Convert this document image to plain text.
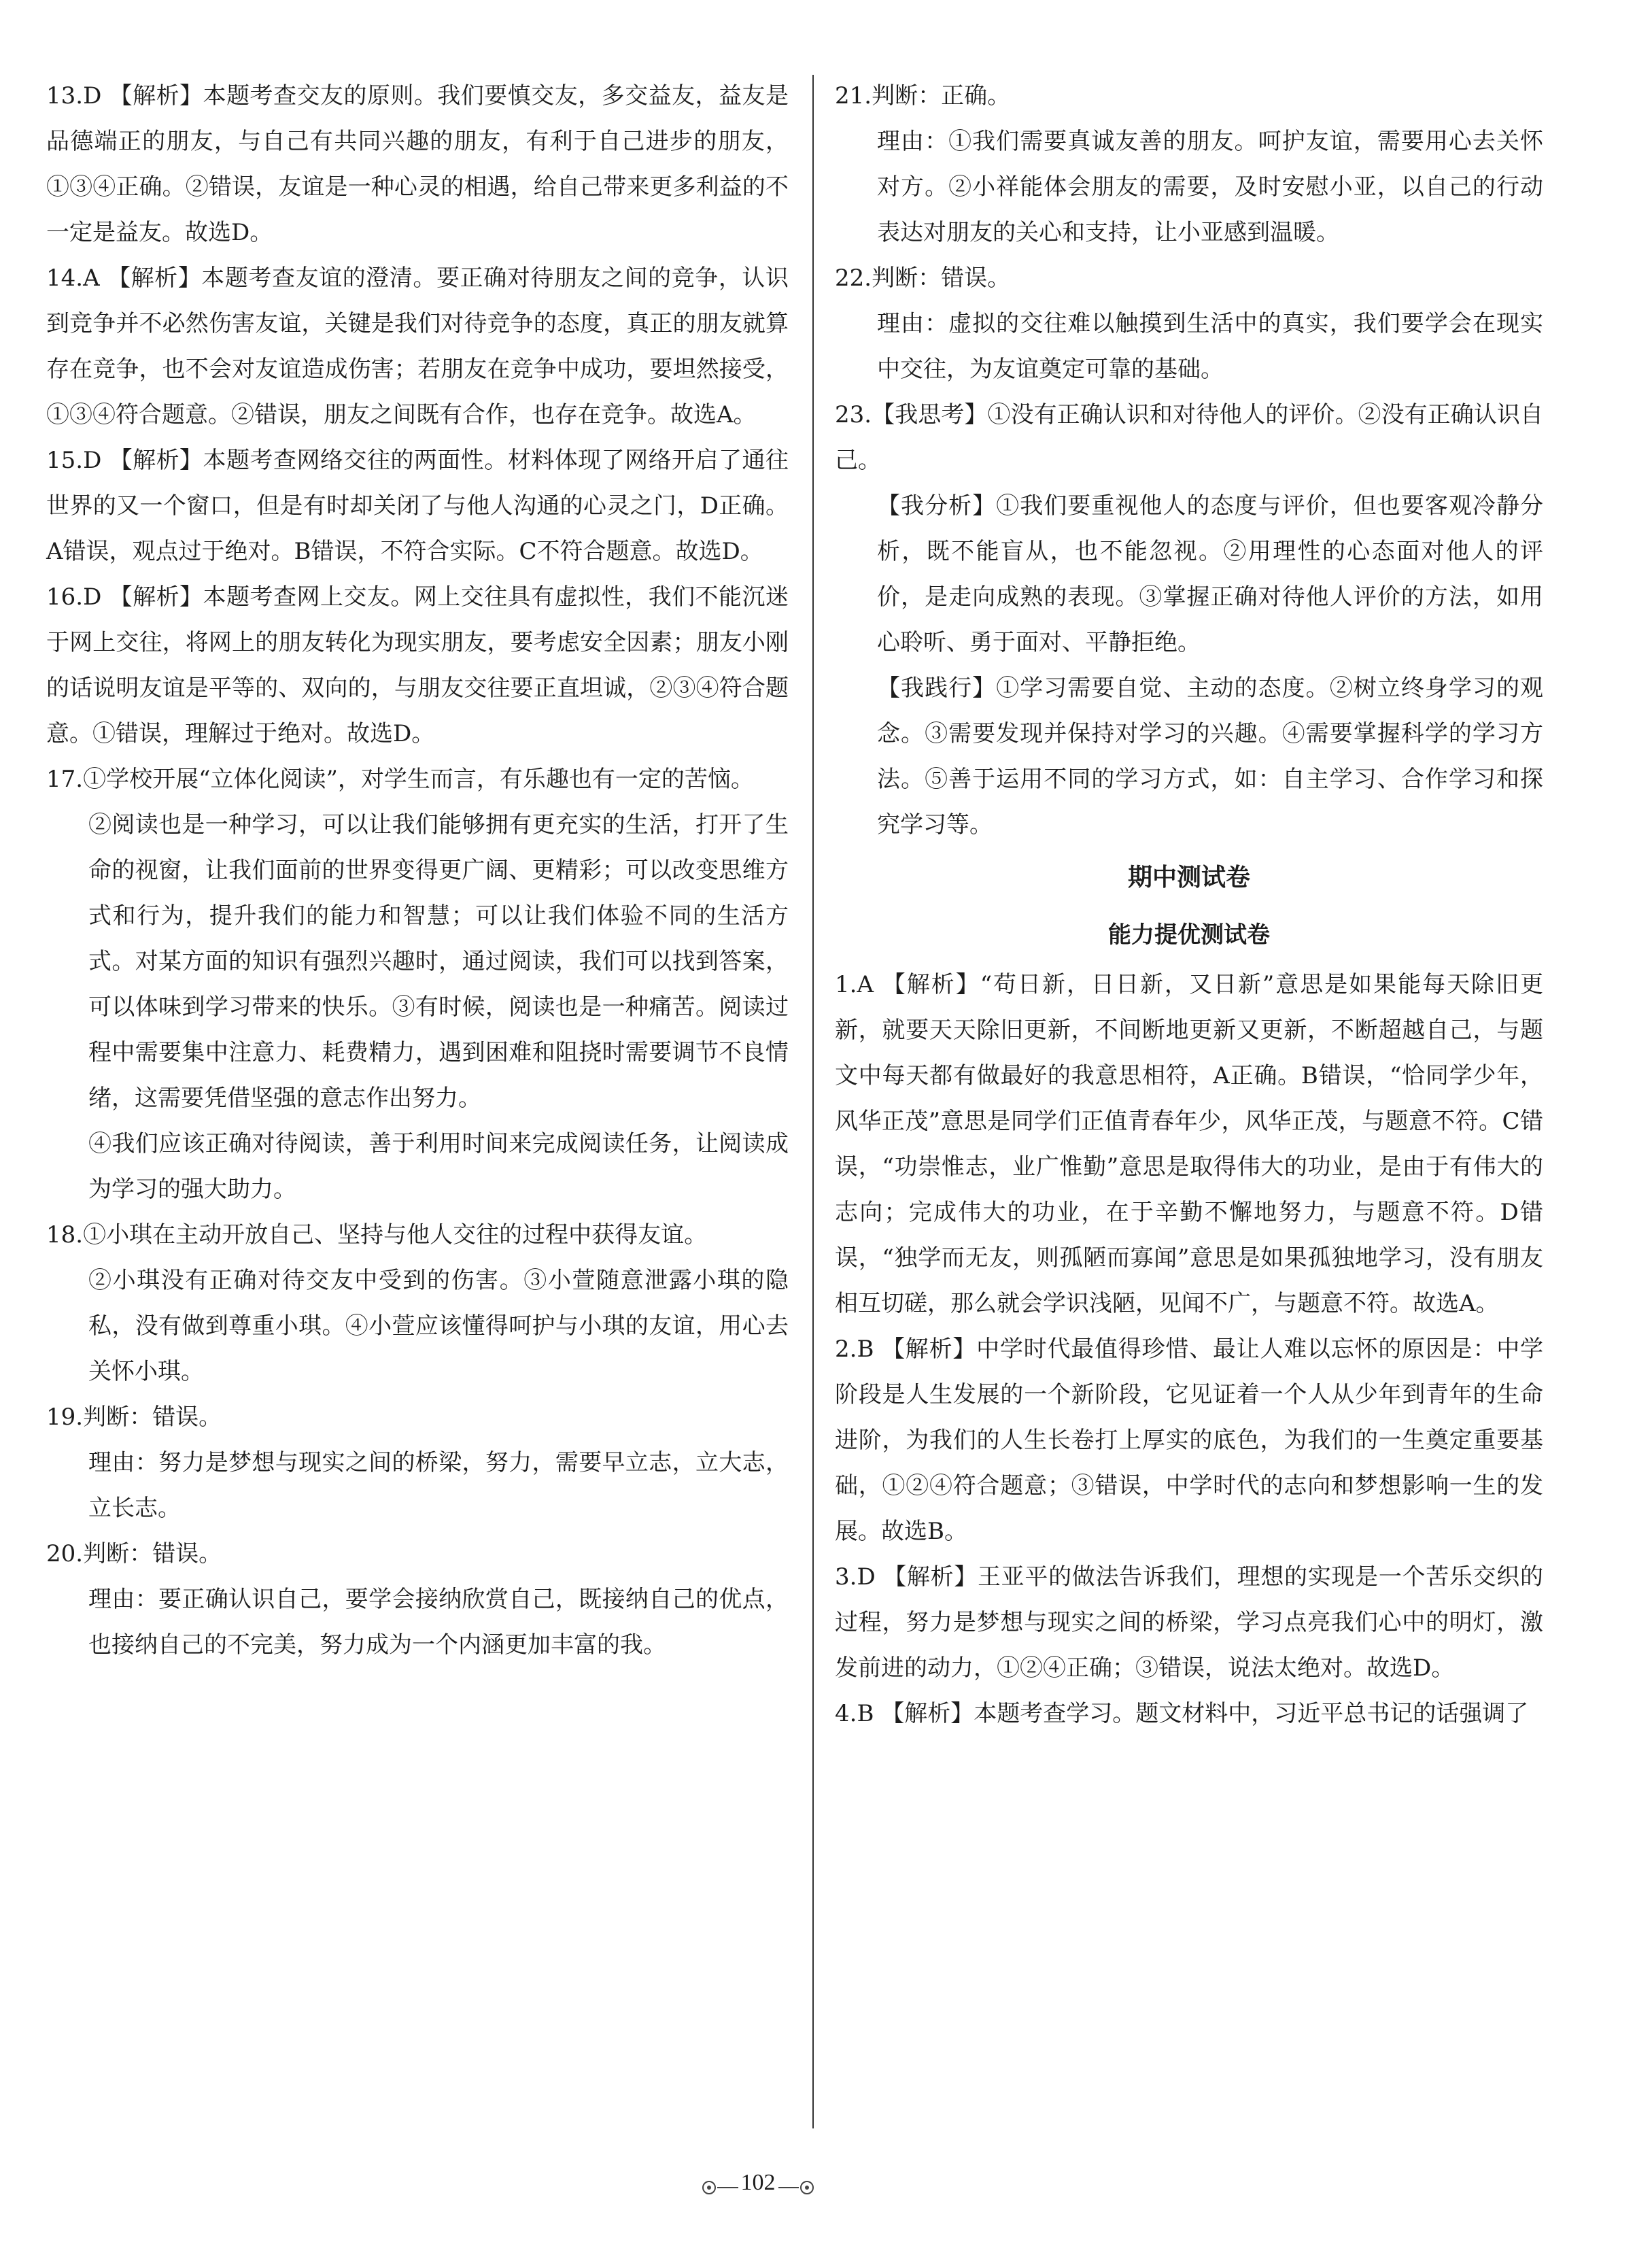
13.D 【解析】本题考查交友的原则。我们要慎交友，多交益友，益友是品德端正的朋友，与自己有共同兴趣的朋友，有利于自己进步的朋友，①③④正确。②错误，友谊是一种心灵的相遇，给自己带来更多利益的不一定是益友。故选D。
14.A 【解析】本题考查友谊的澄清。要正确对待朋友之间的竞争，认识到竞争并不必然伤害友谊，关键是我们对待竞争的态度，真正的朋友就算存在竞争，也不会对友谊造成伤害；若朋友在竞争中成功，要坦然接受，①③④符合题意。②错误，朋友之间既有合作，也存在竞争。故选A。
15.D 【解析】本题考查网络交往的两面性。材料体现了网络开启了通往世界的又一个窗口，但是有时却关闭了与他人沟通的心灵之门，D正确。A错误，观点过于绝对。B错误，不符合实际。C不符合题意。故选D。
16.D 【解析】本题考查网上交友。网上交往具有虚拟性，我们不能沉迷于网上交往，将网上的朋友转化为现实朋友，要考虑安全因素；朋友小刚的话说明友谊是平等的、双向的，与朋友交往要正直坦诚，②③④符合题意。①错误，理解过于绝对。故选D。
17.①学校开展“立体化阅读”，对学生而言，有乐趣也有一定的苦恼。
②阅读也是一种学习，可以让我们能够拥有更充实的生活，打开了生命的视窗，让我们面前的世界变得更广阔、更精彩；可以改变思维方式和行为，提升我们的能力和智慧；可以让我们体验不同的生活方式。对某方面的知识有强烈兴趣时，通过阅读，我们可以找到答案，可以体味到学习带来的快乐。③有时候，阅读也是一种痛苦。阅读过程中需要集中注意力、耗费精力，遇到困难和阻挠时需要调节不良情绪，这需要凭借坚强的意志作出努力。
④我们应该正确对待阅读，善于利用时间来完成阅读任务，让阅读成为学习的强大助力。
18.①小琪在主动开放自己、坚持与他人交往的过程中获得友谊。
②小琪没有正确对待交友中受到的伤害。③小萱随意泄露小琪的隐私，没有做到尊重小琪。④小萱应该懂得呵护与小琪的友谊，用心去关怀小琪。
19.判断：错误。
理由：努力是梦想与现实之间的桥梁，努力，需要早立志，立大志，立长志。
20.判断：错误。
理由：要正确认识自己，要学会接纳欣赏自己，既接纳自己的优点，也接纳自己的不完美，努力成为一个内涵更加丰富的我。
21.判断：正确。
理由：①我们需要真诚友善的朋友。呵护友谊，需要用心去关怀对方。②小祥能体会朋友的需要，及时安慰小亚，以自己的行动表达对朋友的关心和支持，让小亚感到温暖。
22.判断：错误。
理由：虚拟的交往难以触摸到生活中的真实，我们要学会在现实中交往，为友谊奠定可靠的基础。
23.【我思考】①没有正确认识和对待他人的评价。②没有正确认识自己。
【我分析】①我们要重视他人的态度与评价，但也要客观冷静分析，既不能盲从，也不能忽视。②用理性的心态面对他人的评价，是走向成熟的表现。③掌握正确对待他人评价的方法，如用心聆听、勇于面对、平静拒绝。
【我践行】①学习需要自觉、主动的态度。②树立终身学习的观念。③需要发现并保持对学习的兴趣。④需要掌握科学的学习方法。⑤善于运用不同的学习方式，如：自主学习、合作学习和探究学习等。
期中测试卷
能力提优测试卷
1.A 【解析】“苟日新，日日新，又日新”意思是如果能每天除旧更新，就要天天除旧更新，不间断地更新又更新，不断超越自己，与题文中每天都有做最好的我意思相符，A正确。B错误，“恰同学少年，风华正茂”意思是同学们正值青春年少，风华正茂，与题意不符。C错误，“功崇惟志，业广惟勤”意思是取得伟大的功业，是由于有伟大的志向；完成伟大的功业，在于辛勤不懈地努力，与题意不符。D错误，“独学而无友，则孤陋而寡闻”意思是如果孤独地学习，没有朋友相互切磋，那么就会学识浅陋，见闻不广，与题意不符。故选A。
2.B 【解析】中学时代最值得珍惜、最让人难以忘怀的原因是：中学阶段是人生发展的一个新阶段，它见证着一个人从少年到青年的生命进阶，为我们的人生长卷打上厚实的底色，为我们的一生奠定重要基础，①②④符合题意；③错误，中学时代的志向和梦想影响一生的发展。故选B。
3.D 【解析】王亚平的做法告诉我们，理想的实现是一个苦乐交织的过程，努力是梦想与现实之间的桥梁，学习点亮我们心中的明灯，激发前进的动力，①②④正确；③错误，说法太绝对。故选D。
4.B 【解析】本题考查学习。题文材料中，习近平总书记的话强调了
102
